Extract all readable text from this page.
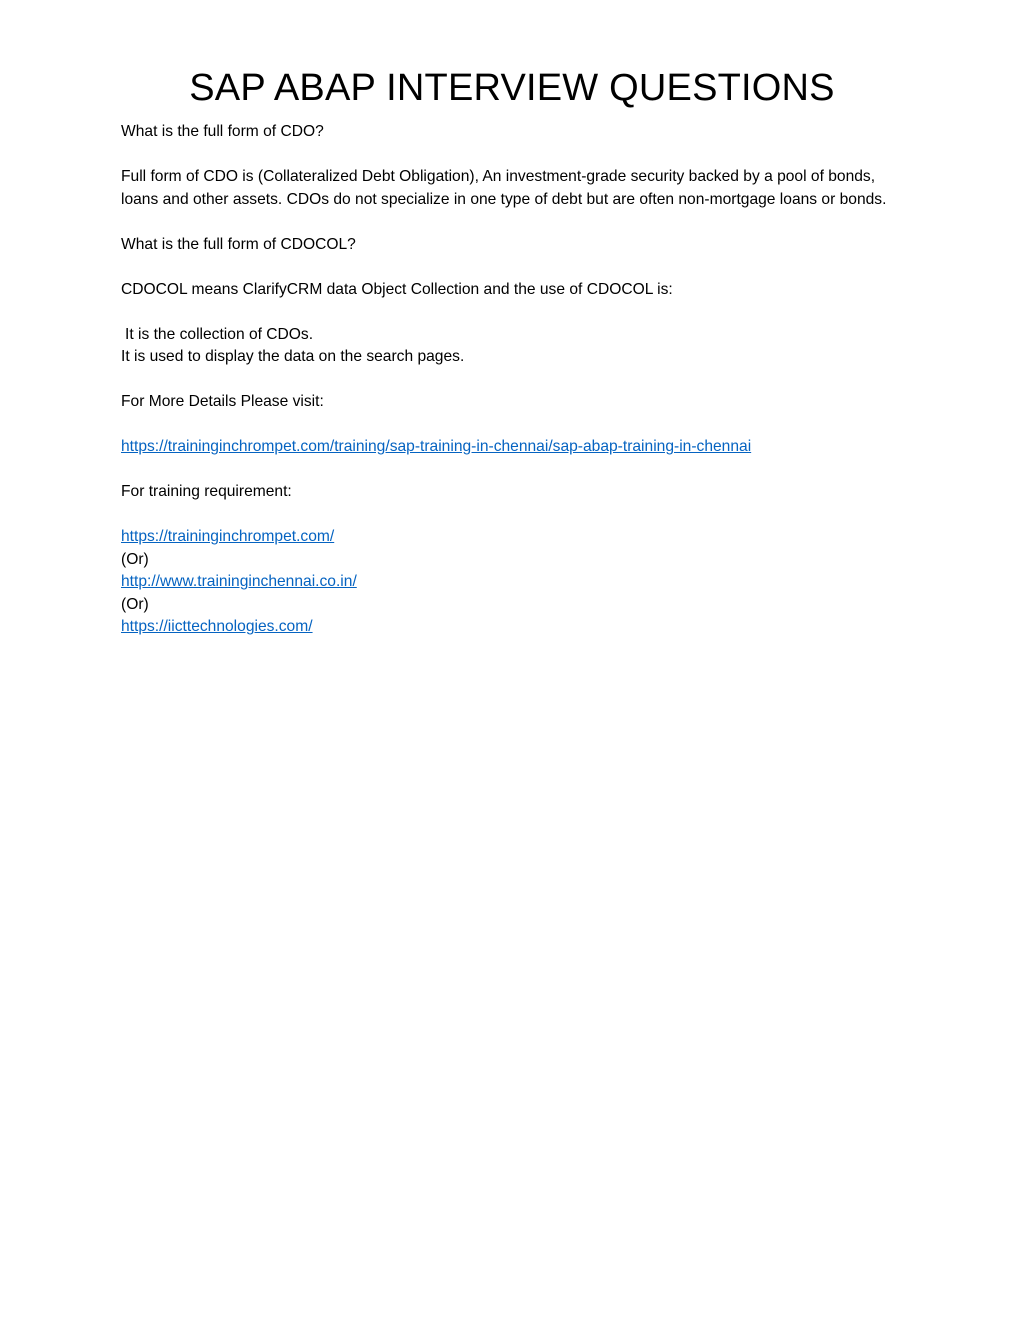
SAP ABAP INTERVIEW QUESTIONS

What is the full form of CDO?

Full form of CDO is (Collateralized Debt Obligation), An investment-grade security backed by a pool of bonds, loans and other assets. CDOs do not specialize in one type of debt but are often non-mortgage loans or bonds.

What is the full form of CDOCOL?

CDOCOL means ClarifyCRM data Object Collection and the use of CDOCOL is:

It is the collection of CDOs.

It is used to display the data on the search pages.

For More Details Please visit:

https://traininginchrompet.com/training/sap-training-in-chennai/sap-abap-training-in-chennai

For training requirement:

https://traininginchrompet.com/

(Or)

http://www.traininginchennai.co.in/

(Or)

https://iicttechnologies.com/
